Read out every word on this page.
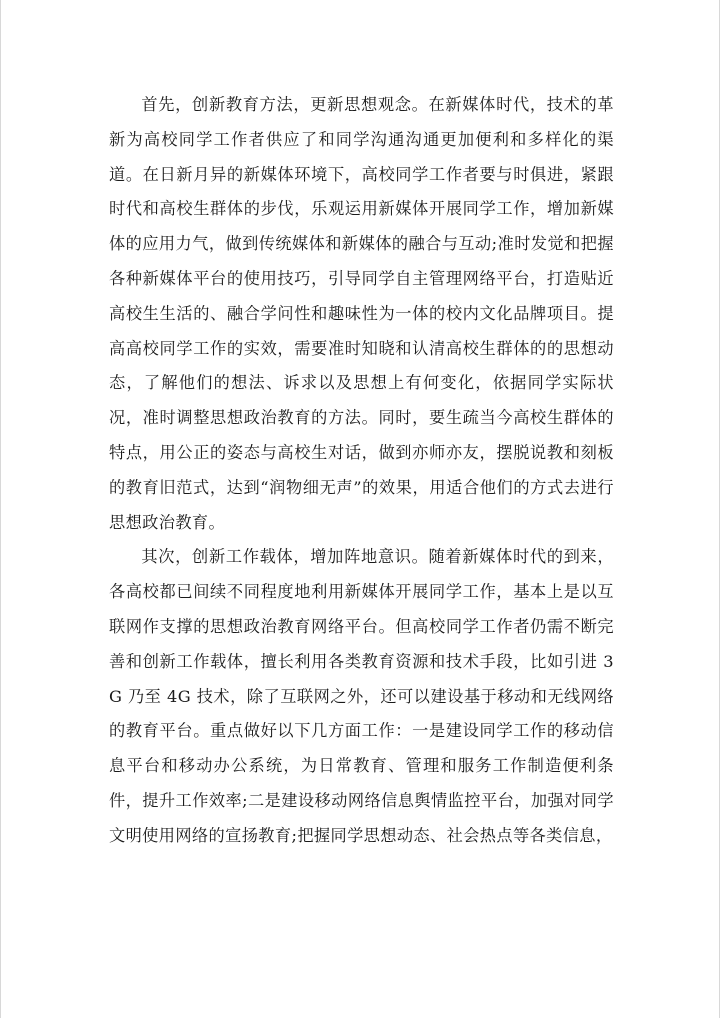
首先，创新教育方法，更新思想观念。在新媒体时代，技术的革新为高校同学工作者供应了和同学沟通沟通更加便利和多样化的渠道。在日新月异的新媒体环境下，高校同学工作者要与时俱进，紧跟时代和高校生群体的步伐，乐观运用新媒体开展同学工作，增加新媒体的应用力气，做到传统媒体和新媒体的融合与互动;准时发觉和把握各种新媒体平台的使用技巧，引导同学自主管理网络平台，打造贴近高校生生活的、融合学问性和趣味性为一体的校内文化品牌项目。提高高校同学工作的实效，需要准时知晓和认清高校生群体的的思想动态，了解他们的想法、诉求以及思想上有何变化，依据同学实际状况，准时调整思想政治教育的方法。同时，要生疏当今高校生群体的特点，用公正的姿态与高校生对话，做到亦师亦友，摆脱说教和刻板的教育旧范式，达到“润物细无声”的效果，用适合他们的方式去进行思想政治教育。

其次，创新工作载体，增加阵地意识。随着新媒体时代的到来，各高校都已间续不同程度地利用新媒体开展同学工作，基本上是以互联网作支撑的思想政治教育网络平台。但高校同学工作者仍需不断完善和创新工作载体，擅长利用各类教育资源和技术手段，比如引进 3G 乃至 4G 技术，除了互联网之外，还可以建设基于移动和无线网络的教育平台。重点做好以下几方面工作：一是建设同学工作的移动信息平台和移动办公系统，为日常教育、管理和服务工作制造便利条件，提升工作效率;二是建设移动网络信息舆情监控平台，加强对同学文明使用网络的宣扬教育;把握同学思想动态、社会热点等各类信息，
